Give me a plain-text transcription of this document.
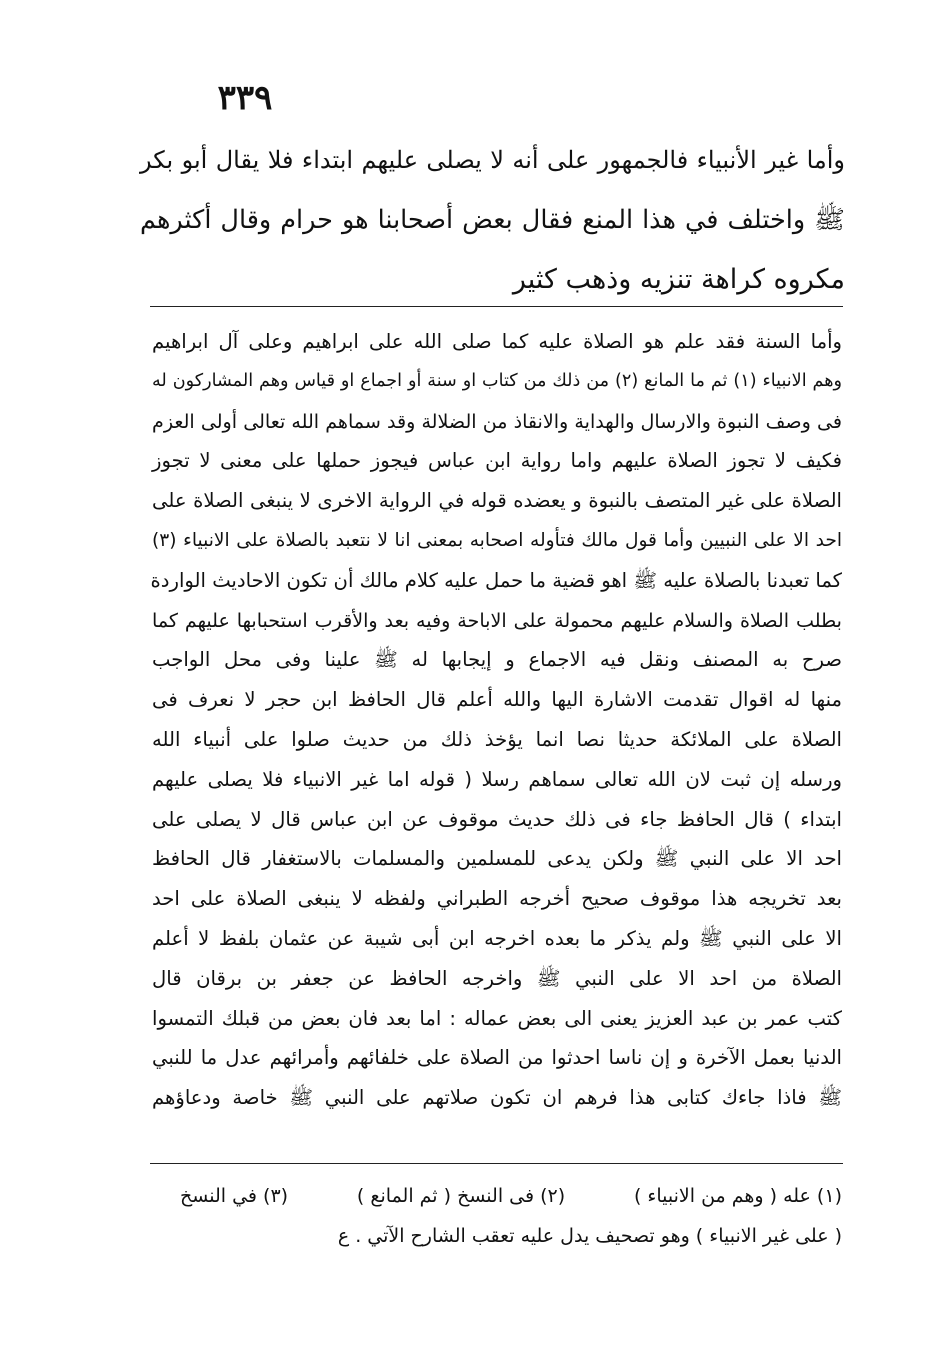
٣٣٩
وأما غير الأنبياء فالجمهور على أنه لا يصلى عليهم ابتداء فلا يقال أبو بكر
ﷺ واختلف في هذا المنع فقال بعض أصحابنا هو حرام وقال أكثرهم
مكروه كراهة تنزيه وذهب كثير
وأما السنة فقد علم هو الصلاة عليه كما صلى الله على ابراهيم وعلى آل ابراهيم
وهم الانبياء (١) ثم ما المانع (٢) من ذلك من كتاب او سنة أو اجماع او قياس وهم المشاركون له
فى وصف النبوة والارسال والهداية والانقاذ من الضلالة وقد سماهم الله تعالى أولى العزم
فكيف لا تجوز الصلاة عليهم واما رواية ابن عباس فيجوز حملها على معنى لا تجوز
الصلاة على غير المتصف بالنبوة و يعضده قوله في الرواية الاخرى لا ينبغى الصلاة على
احد الا على النبيين وأما قول مالك فتأوله اصحابه بمعنى انا لا نتعبد بالصلاة على الانبياء (٣)
كما تعبدنا بالصلاة عليه ﷺ اهو قضية ما حمل عليه كلام مالك أن تكون الاحاديث الواردة
بطلب الصلاة والسلام عليهم محمولة على الاباحة وفيه بعد والأقرب استحبابها عليهم كما
صرح به المصنف ونقل فيه الاجماع و إيجابها له ﷺ علينا وفى محل الواجب
منها له اقوال تقدمت الاشارة اليها والله أعلم قال الحافظ ابن حجر لا نعرف فى
الصلاة على الملائكة حديثا نصا انما يؤخذ ذلك من حديث صلوا على أنبياء الله
ورسله إن ثبت لان الله تعالى سماهم رسلا ( قوله اما غير الانبياء فلا يصلى عليهم
ابتداء ) قال الحافظ جاء فى ذلك حديث موقوف عن ابن عباس قال لا يصلى على
احد الا على النبي ﷺ ولكن يدعى للمسلمين والمسلمات بالاستغفار قال الحافظ
بعد تخريجه هذا موقوف صحيح أخرجه الطبراني ولفظه لا ينبغى الصلاة على احد
الا على النبي ﷺ ولم يذكر ما بعده اخرجه ابن أبى شيبة عن عثمان بلفظ لا أعلم
الصلاة من احد الا على النبي ﷺ واخرجه الحافظ عن جعفر بن برقان قال
كتب عمر بن عبد العزيز يعنى الى بعض عماله : اما بعد فان بعض من قبلك التمسوا
الدنيا بعمل الآخرة و إن ناسا احدثوا من الصلاة على خلفائهم وأمرائهم عدل ما للنبي
ﷺ فاذا جاءك كتابى هذا فرهم ان تكون صلاتهم على النبي ﷺ خاصة ودعاؤهم
(١) عله ( وهم من الانبياء )
(٢) فى النسخ ( ثم المانع )
(٣) في النسخ
( على غير الانبياء ) وهو تصحيف يدل عليه تعقب الشارح الآتي . ع
